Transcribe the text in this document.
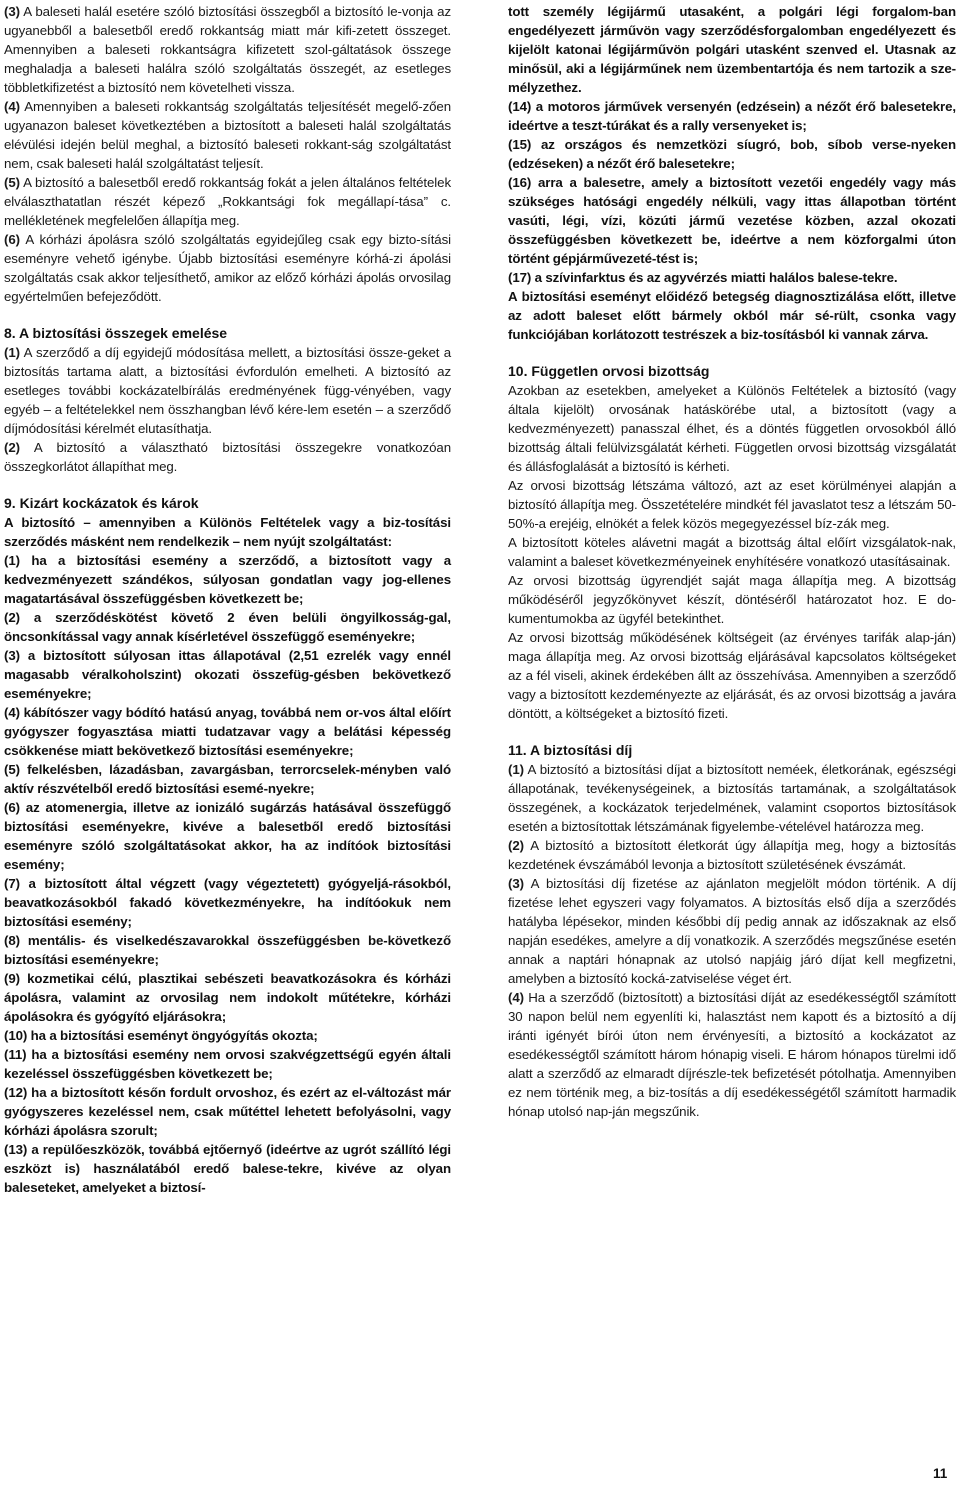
(3) A baleseti halál esetére szóló biztosítási összegből a biztosító le-vonja az ugyanebből a balesetből eredő rokkantság miatt már kifi-zetett összeget. Amennyiben a baleseti rokkantságra kifizetett szol-gáltatások összege meghaladja a baleseti halálra szóló szolgáltatás összegét, az esetleges többletkifizetést a biztosító nem követelheti vissza.

(4) Amennyiben a baleseti rokkantság szolgáltatás teljesítését megelő-zően ugyanazon baleset következtében a biztosított a baleseti halál szolgáltatás elévülési idején belül meghal, a biztosító baleseti rokkant-ság szolgáltatást nem, csak baleseti halál szolgáltatást teljesít.

(5) A biztosító a balesetből eredő rokkantság fokát a jelen általános feltételek elválaszthatatlan részét képező „Rokkantsági fok megállapí-tása” c. mellékletének megfelelően állapítja meg.

(6) A kórházi ápolásra szóló szolgáltatás egyidejűleg csak egy bizto-sítási eseményre vehető igénybe. Újabb biztosítási eseményre kórhá-zi ápolási szolgáltatás csak akkor teljesíthető, amikor az előző kórházi ápolás orvosilag egyértelműen befejeződött.

8. A biztosítási összegek emelése

(1) A szerződő a díj egyidejű módosítása mellett, a biztosítási össze-geket a biztosítás tartama alatt, a biztosítási évfordulón emelheti. A biztosító az esetleges további kockázatelbírálás eredményének függ-vényében, vagy egyéb – a feltételekkel nem összhangban lévő kére-lem esetén – a szerződő díjmódosítási kérelmét elutasíthatja.

(2) A biztosító a választható biztosítási összegekre vonatkozóan összegkorlátot állapíthat meg.

9. Kizárt kockázatok és károk

A biztosító – amennyiben a Különös Feltételek vagy a biz-tosítási szerződés másként nem rendelkezik – nem nyújt szolgáltatást:

(1) ha a biztosítási esemény a szerződő, a biztosított vagy a kedvezményezett szándékos, súlyosan gondatlan vagy jog-ellenes magatartásával összefüggésben következett be;

(2) a szerződéskötést követő 2 éven belüli öngyilkosság-gal, öncsonkítással vagy annak kísérletével összefüggő eseményekre;

(3) a biztosított súlyosan ittas állapotával (2,51 ezrelék vagy ennél magasabb véralkoholszint) okozati összefüg-gésben bekövetkező eseményekre;

(4) kábítószer vagy bódító hatású anyag, továbbá nem or-vos által előírt gyógyszer fogyasztása miatti tudatzavar vagy a belátási képesség csökkenése miatt bekövetkező biztosítási eseményekre;

(5) felkelésben, lázadásban, zavargásban, terrorcselek-ményben való aktív részvételből eredő biztosítási esemé-nyekre;

(6) az atomenergia, illetve az ionizáló sugárzás hatásával összefüggő biztosítási eseményekre, kivéve a balesetből eredő biztosítási eseményre szóló szolgáltatásokat akkor, ha az indítóok biztosítási esemény;

(7) a biztosított által végzett (vagy végeztetett) gyógyeljá-rásokból, beavatkozásokból fakadó következményekre, ha indítóokuk nem biztosítási esemény;

(8) mentális- és viselkedészavarokkal összefüggésben be-következő biztosítási eseményekre;

(9) kozmetikai célú, plasztikai sebészeti beavatkozásokra és kórházi ápolásra, valamint az orvosilag nem indokolt műtétekre, kórházi ápolásokra és gyógyító eljárásokra;

(10) ha a biztosítási eseményt öngyógyítás okozta;

(11) ha a biztosítási esemény nem orvosi szakvégzettségű egyén általi kezeléssel összefüggésben következett be;

(12) ha a biztosított későn fordult orvoshoz, és ezért az el-változást már gyógyszeres kezeléssel nem, csak műtéttel lehetett befolyásolni, vagy kórházi ápolásra szorult;

(13) a repülőeszközök, továbbá ejtőernyő (ideértve az ugrót szállító légi eszközt is) használatából eredő balese-tekre, kivéve az olyan baleseteket, amelyeket a biztosí-

tott személy légijármű utasaként, a polgári légi forgalom-ban engedélyezett járművön vagy szerződésforgalomban engedélyezett és kijelölt katonai légijárművön polgári utasként szenved el. Utasnak az minősül, aki a légijárműnek nem üzembentartója és nem tartozik a sze-mélyzethez.

(14) a motoros járművek versenyén (edzésein) a nézőt érő balesetekre, ideértve a teszt-túrákat és a rally versenyeket is;

(15) az országos és nemzetközi síugró, bob, síbob verse-nyeken (edzéseken) a nézőt érő balesetekre;

(16) arra a balesetre, amely a biztosított vezetői engedély vagy más szükséges hatósági engedély nélküli, vagy ittas állapotban történt vasúti, légi, vízi, közúti jármű vezetése közben, azzal okozati összefüggésben következett be, ideértve a nem közforgalmi úton történt gépjárművezeté-tést is;

(17) a szívinfarktus és az agyvérzés miatti halálos balese-tekre.

A biztosítási eseményt előidéző betegség diagnosztizálása előtt, illetve az adott baleset előtt bármely okból már sé-rült, csonka vagy funkciójában korlátozott testrészek a biz-tosításból ki vannak zárva.

10. Független orvosi bizottság

Azokban az esetekben, amelyeket a Különös Feltételek a biztosító (vagy általa kijelölt) orvosának hatáskörébe utal, a biztosított (vagy a kedvezményezett) panasszal élhet, és a döntés független orvosokból álló bizottság általi felülvizsgálatát kérheti. Független orvosi bizottság vizsgálatát és állásfoglalását a biztosító is kérheti.

Az orvosi bizottság létszáma változó, azt az eset körülményei alapján a biztosító állapítja meg. Összetételére mindkét fél javaslatot tesz a létszám 50-50%-a erejéig, elnökét a felek közös megegyezéssel bíz-zák meg.

A biztosított köteles alávetni magát a bizottság által előírt vizsgálatok-nak, valamint a baleset következményeinek enyhítésére vonatkozó utasításainak.

Az orvosi bizottság ügyrendjét saját maga állapítja meg. A bizottság működéséről jegyzőkönyvet készít, döntéséről határozatot hoz. E do-kumentumokba az ügyfél betekinthet.

Az orvosi bizottság működésének költségeit (az érvényes tarifák alap-ján) maga állapítja meg. Az orvosi bizottság eljárásával kapcsolatos költségeket az a fél viseli, akinek érdekében állt az összehívása. Amennyiben a szerződő vagy a biztosított kezdeményezte az eljárását, és az orvosi bizottság a javára döntött, a költségeket a biztosító fizeti.

11. A biztosítási díj

(1) A biztosító a biztosítási díjat a biztosított neméek, életkorának, egészségi állapotának, tevékenységeinek, a biztosítás tartamának, a szolgáltatások összegének, a kockázatok terjedelmének, valamint csoportos biztosítások esetén a biztosítottak létszámának figyelembe-vételével határozza meg.

(2) A biztosító a biztosított életkorát úgy állapítja meg, hogy a biztosítás kezdetének évszámából levonja a biztosított születésének évszámát.

(3) A biztosítási díj fizetése az ajánlaton megjelölt módon történik. A díj fizetése lehet egyszeri vagy folyamatos. A biztosítás első díja a szerződés hatályba lépésekor, minden későbbi díj pedig annak az időszaknak az első napján esedékes, amelyre a díj vonatkozik. A szerződés megszűnése esetén annak a naptári hónapnak az utolsó napjáig járó díjat kell megfizetni, amelyben a biztosító kocká-zatviselése véget ért.

(4) Ha a szerződő (biztosított) a biztosítási díját az esedékességtől számított 30 napon belül nem egyenlíti ki, halasztást nem kapott és a biztosító a díj iránti igényét bírói úton nem érvényesíti, a biztosító a kockázatot az esedékességtől számított három hónapig viseli. E három hónapos türelmi idő alatt a szerződő az elmaradt díjrészle-tek befizetését pótolhatja. Amennyiben ez nem történik meg, a biz-tosítás a díj esedékességétől számított harmadik hónap utolsó nap-ján megszűnik.

11
